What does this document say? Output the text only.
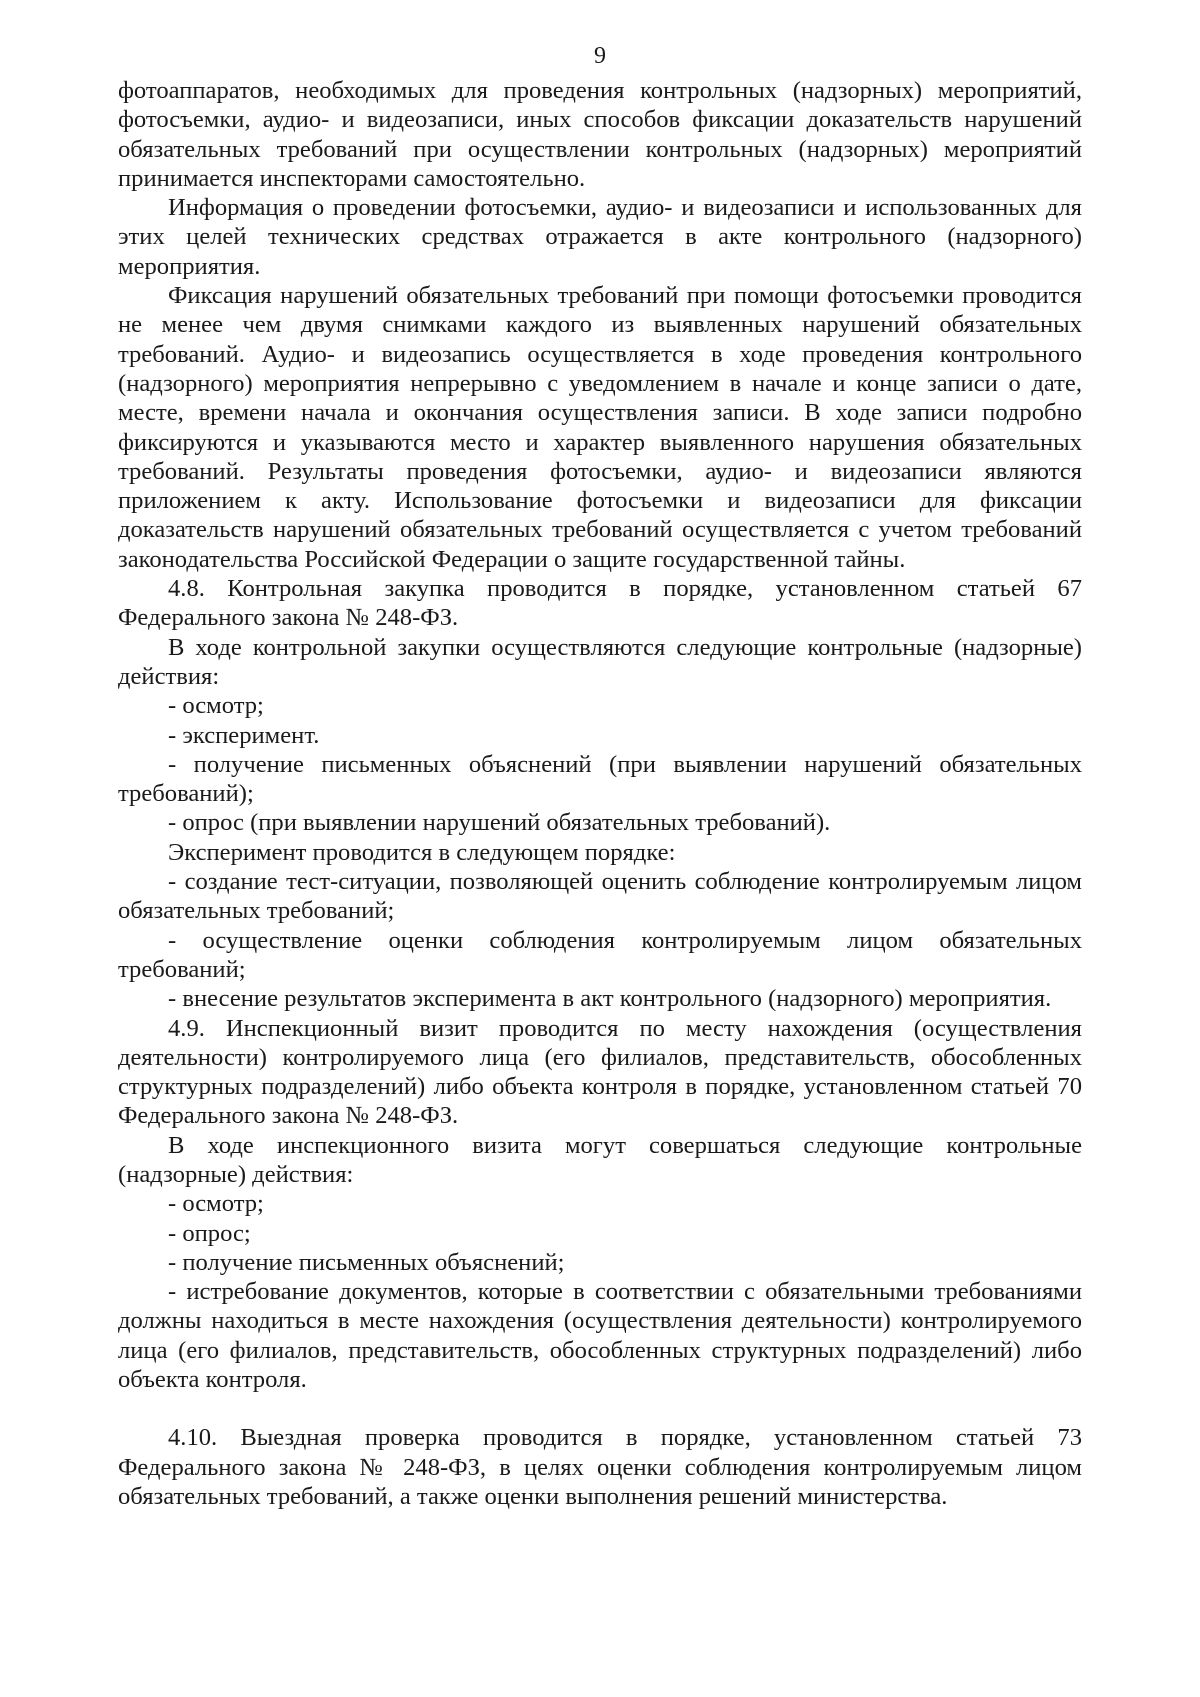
9

фотоаппаратов, необходимых для проведения контрольных (надзорных) мероприятий, фотосъемки, аудио- и видеозаписи, иных способов фиксации доказательств нарушений обязательных требований при осуществлении контрольных (надзорных) мероприятий принимается инспекторами самостоятельно.

Информация о проведении фотосъемки, аудио- и видеозаписи и использованных для этих целей технических средствах отражается в акте контрольного (надзорного) мероприятия.

Фиксация нарушений обязательных требований при помощи фотосъемки проводится не менее чем двумя снимками каждого из выявленных нарушений обязательных требований. Аудио- и видеозапись осуществляется в ходе проведения контрольного (надзорного) мероприятия непрерывно с уведомлением в начале и конце записи о дате, месте, времени начала и окончания осуществления записи. В ходе записи подробно фиксируются и указываются место и характер выявленного нарушения обязательных требований. Результаты проведения фотосъемки, аудио- и видеозаписи являются приложением к акту. Использование фотосъемки и видеозаписи для фиксации доказательств нарушений обязательных требований осуществляется с учетом требований законодательства Российской Федерации о защите государственной тайны.

4.8. Контрольная закупка проводится в порядке, установленном статьей 67 Федерального закона № 248-ФЗ.

В ходе контрольной закупки осуществляются следующие контрольные (надзорные) действия:

- осмотр;

- эксперимент.

- получение письменных объяснений (при выявлении нарушений обязательных требований);

- опрос (при выявлении нарушений обязательных требований).

Эксперимент проводится в следующем порядке:

- создание тест-ситуации, позволяющей оценить соблюдение контролируемым лицом обязательных требований;

- осуществление оценки соблюдения контролируемым лицом обязательных требований;

- внесение результатов эксперимента в акт контрольного (надзорного) мероприятия.

4.9. Инспекционный визит проводится по месту нахождения (осуществления деятельности) контролируемого лица (его филиалов, представительств, обособленных структурных подразделений) либо объекта контроля в порядке, установленном статьей 70 Федерального закона № 248-ФЗ.

В ходе инспекционного визита могут совершаться следующие контрольные (надзорные) действия:

- осмотр;

- опрос;

- получение письменных объяснений;

- истребование документов, которые в соответствии с обязательными требованиями должны находиться в месте нахождения (осуществления деятельности) контролируемого лица (его филиалов, представительств, обособленных структурных подразделений) либо объекта контроля.

4.10. Выездная проверка проводится в порядке, установленном статьей 73 Федерального закона № 248-ФЗ, в целях оценки соблюдения контролируемым лицом обязательных требований, а также оценки выполнения решений министерства.
